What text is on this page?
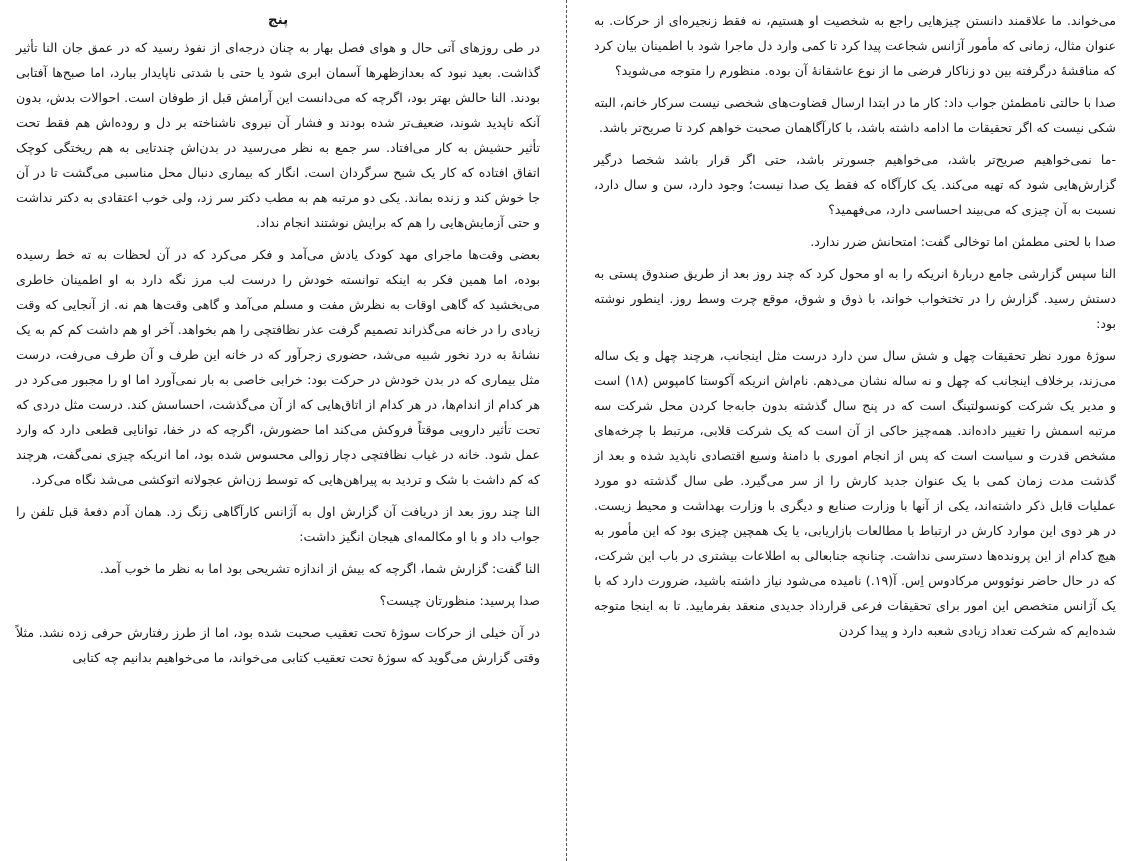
می‌خواند. ما علاقمند دانستن چیزهایی راجع به شخصیت او هستیم، نه فقط زنجیره‌ای از حرکات. به عنوان مثال، زمانی که مأمور آژانس شجاعت پیدا کرد تا کمی وارد دل ماجرا شود با اطمینان بیان کرد که مناقشهٔ درگرفته بین دو زناکار فرضی ما از نوع عاشقانهٔ آن بوده. منظورم را متوجه می‌شوید؟

صدا با حالتی نامطمئن جواب داد: کار ما در ابتدا ارسال قضاوت‌های شخصی نیست سرکار خانم، البته شکی نیست که اگر تحقیقات ما ادامه داشته باشد، با کارآگاهمان صحبت خواهم کرد تا صریح‌تر باشد.

-ما نمی‌خواهیم صریح‌تر باشد، می‌خواهیم جسورتر باشد، حتی اگر قرار باشد شخصا درگیر گزارش‌هایی شود که تهیه می‌کند. یک کارآگاه که فقط یک صدا نیست؛ وجود دارد، سن و سال دارد، نسبت به آن چیزی که می‌بیند احساسی دارد، می‌فهمید؟

صدا با لحنی مطمئن اما توخالی گفت: امتحانش ضرر ندارد.

النا سپس گزارشی جامع دربارهٔ انریکه را به او محول کرد که چند روز بعد از طریق صندوق پستی به دستش رسید. گزارش را در تختخواب خواند، با ذوق و شوق، موقع چرت وسط روز. اینطور نوشته بود:

سوژهٔ مورد نظر تحقیقات چهل و شش سال سن دارد درست مثل اینجانب، هرچند چهل و یک ساله می‌زند، برخلاف اینجانب که چهل و نه ساله نشان می‌دهم. نام‌اش انریکه آکوستا کامپوس (۱۸) است و مدیر یک شرکت کونسولتینگ است که در پنج سال گذشته بدون جابه‌جا کردن محل شرکت سه مرتبه اسمش را تغییر داده‌اند. همه‌چیز حاکی از آن است که یک شرکت قلابی، مرتبط با چرخه‌های مشخص قدرت و سیاست است که پس از انجام اموری با دامنهٔ وسیع اقتصادی ناپدید شده و بعد از گذشت مدت زمان کمی با یک عنوان جدید کارش را از سر می‌گیرد. طی سال گذشته دو مورد عملیات قابل ذکر داشته‌اند، یکی از آنها با وزارت صنایع و دیگری با وزارت بهداشت و محیط زیست. در هر دوی این موارد کارش در ارتباط با مطالعات بازاریابی، یا یک همچین چیزی بود که این مأمور به هیچ کدام از این پرونده‌ها دسترسی نداشت. چنانچه جنابعالی به اطلاعات بیشتری در باب این شرکت، که در حال حاضر نوئووس مرکادوس اِس. آ(۱۹.) نامیده می‌شود نیاز داشته باشید، ضرورت دارد که با یک آژانس متخصص این امور برای تحقیقات فرعی قرارداد جدیدی منعقد بفرمایید. تا به اینجا متوجه شده‌ایم که شرکت تعداد زیادی شعبه دارد و پیدا کردن

پنج

در طی روزهای آتی حال و هوای فصل بهار به چنان درجه‌ای از نفوذ رسید که در عمق جان النا تأثیر گذاشت. بعید نبود که بعدازظهرها آسمان ابری شود یا حتی با شدتی ناپایدار ببارد، اما صبح‌ها آفتابی بودند. النا حالش بهتر بود، اگرچه که می‌دانست این آرامش قبل از طوفان است. احوالات بدش، بدون آنکه ناپدید شوند، ضعیف‌تر شده بودند و فشار آن نیروی ناشناخته بر دل و روده‌اش هم فقط تحت تأثیر حشیش به کار می‌افتاد. سر جمع به نظر می‌رسید در بدن‌اش چندتایی به هم ریختگی کوچک اتفاق افتاده که کار یک شبح سرگردان است. انگار که بیماری دنبال محل مناسبی می‌گشت تا در آن جا خوش کند و زنده بماند. یکی دو مرتبه هم به مطب دکتر سر زد، ولی خوب اعتقادی به دکتر نداشت و حتی آزمایش‌هایی را هم که برایش نوشتند انجام نداد.

بعضی وقت‌ها ماجرای مهد کودک یادش می‌آمد و فکر می‌کرد که در آن لحظات به ته خط رسیده بوده، اما همین فکر به اینکه توانسته خودش را درست لب مرز نگه دارد به او اطمینان خاطری می‌بخشید که گاهی اوقات به نظرش مفت و مسلم می‌آمد و گاهی وقت‌ها هم نه. از آنجایی که وقت زیادی را در خانه می‌گذراند تصمیم گرفت عذر نظافتچی را هم بخواهد. آخر او هم داشت کم کم به یک نشانهٔ به درد نخور شبیه می‌شد، حضوری زجرآور که در خانه این طرف و آن طرف می‌رفت، درست مثل بیماری که در بدن خودش در حرکت بود: خرابی خاصی به بار نمی‌آورد اما او را مجبور می‌کرد در هر کدام از اندام‌ها، در هر کدام از اتاق‌هایی که از آن می‌گذشت، احساسش کند. درست مثل دردی که تحت تأثیر دارویی موقتاً فروکش می‌کند اما حضورش، اگرچه که در خفا، توانایی قطعی دارد که وارد عمل شود. خانه در غیاب نظافتچی دچار زوالی محسوس شده بود، اما انریکه چیزی نمی‌گفت، هرچند که کم داشت با شک و تردید به پیراهن‌هایی که توسط زن‌اش عجولانه اتوکشی می‌شد نگاه می‌کرد.

النا چند روز بعد از دریافت آن گزارش اول به آژانس کارآگاهی زنگ زد. همان آدم دفعهٔ قبل تلفن را جواب داد و با او مکالمه‌ای هیجان انگیز داشت:

النا گفت: گزارش شما، اگرچه که بیش از اندازه تشریحی بود اما به نظر ما خوب آمد.

صدا پرسید: منظورتان چیست؟

در آن خیلی از حرکات سوژهٔ تحت تعقیب صحبت شده بود، اما از طرز رفتارش حرفی زده نشد. مثلاً وقتی گزارش می‌گوید که سوژهٔ تحت تعقیب کتابی می‌خواند، ما می‌خواهیم بدانیم چه کتابی
